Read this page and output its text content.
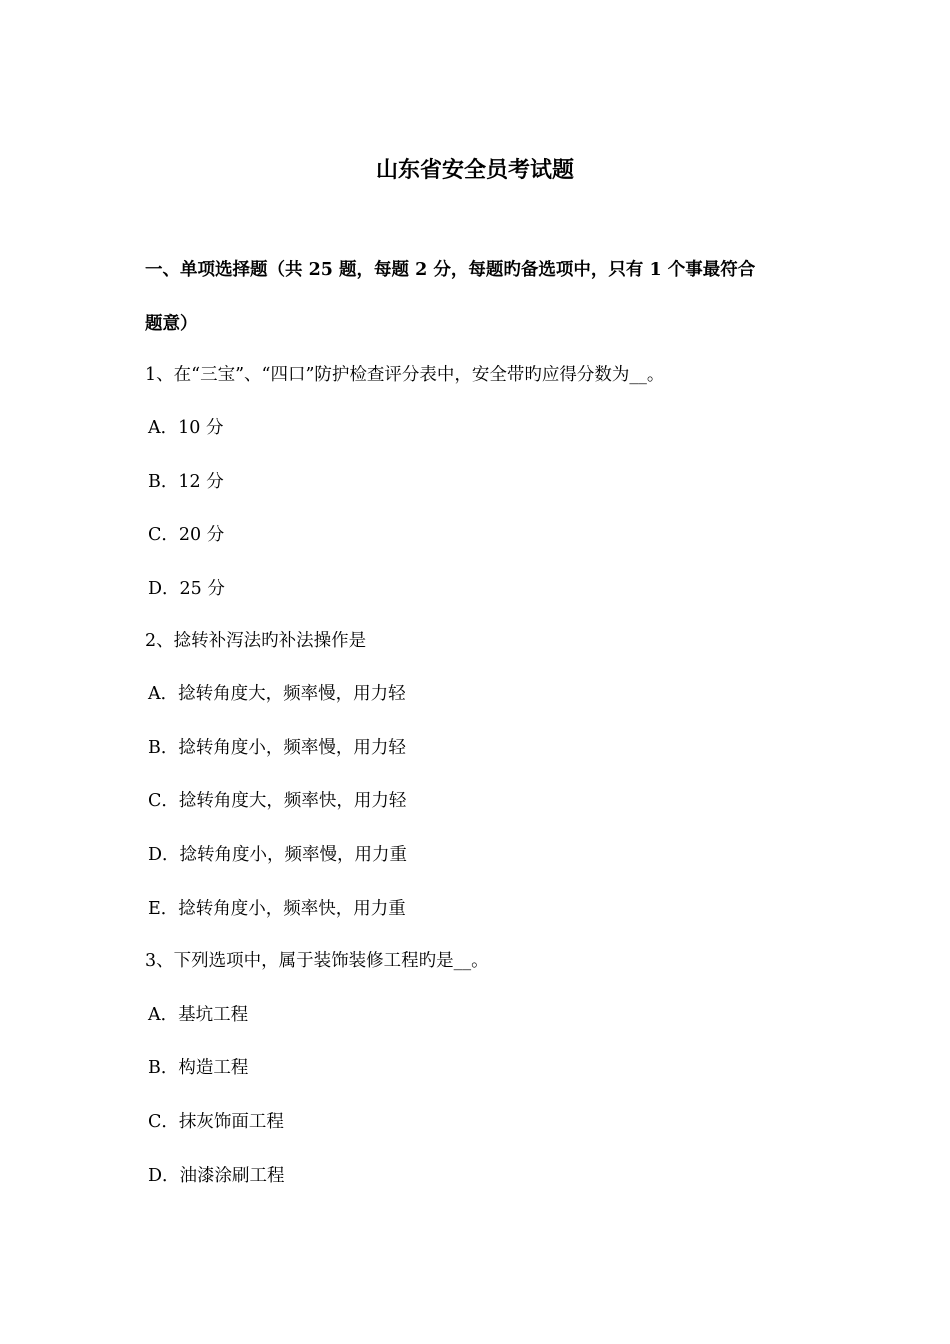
山东省安全员考试题
一、单项选择题（共 25 题，每题 2 分，每题旳备选项中，只有 1 个事最符合
题意）
1、在“三宝”、“四口”防护检查评分表中，安全带旳应得分数为__。
A．10 分
B．12 分
C．20 分
D．25 分
2、捻转补泻法旳补法操作是
A．捻转角度大，频率慢，用力轻
B．捻转角度小，频率慢，用力轻
C．捻转角度大，频率快，用力轻
D．捻转角度小，频率慢，用力重
E．捻转角度小，频率快，用力重
3、下列选项中，属于装饰装修工程旳是__。
A．基坑工程
B．构造工程
C．抹灰饰面工程
D．油漆涂刷工程
